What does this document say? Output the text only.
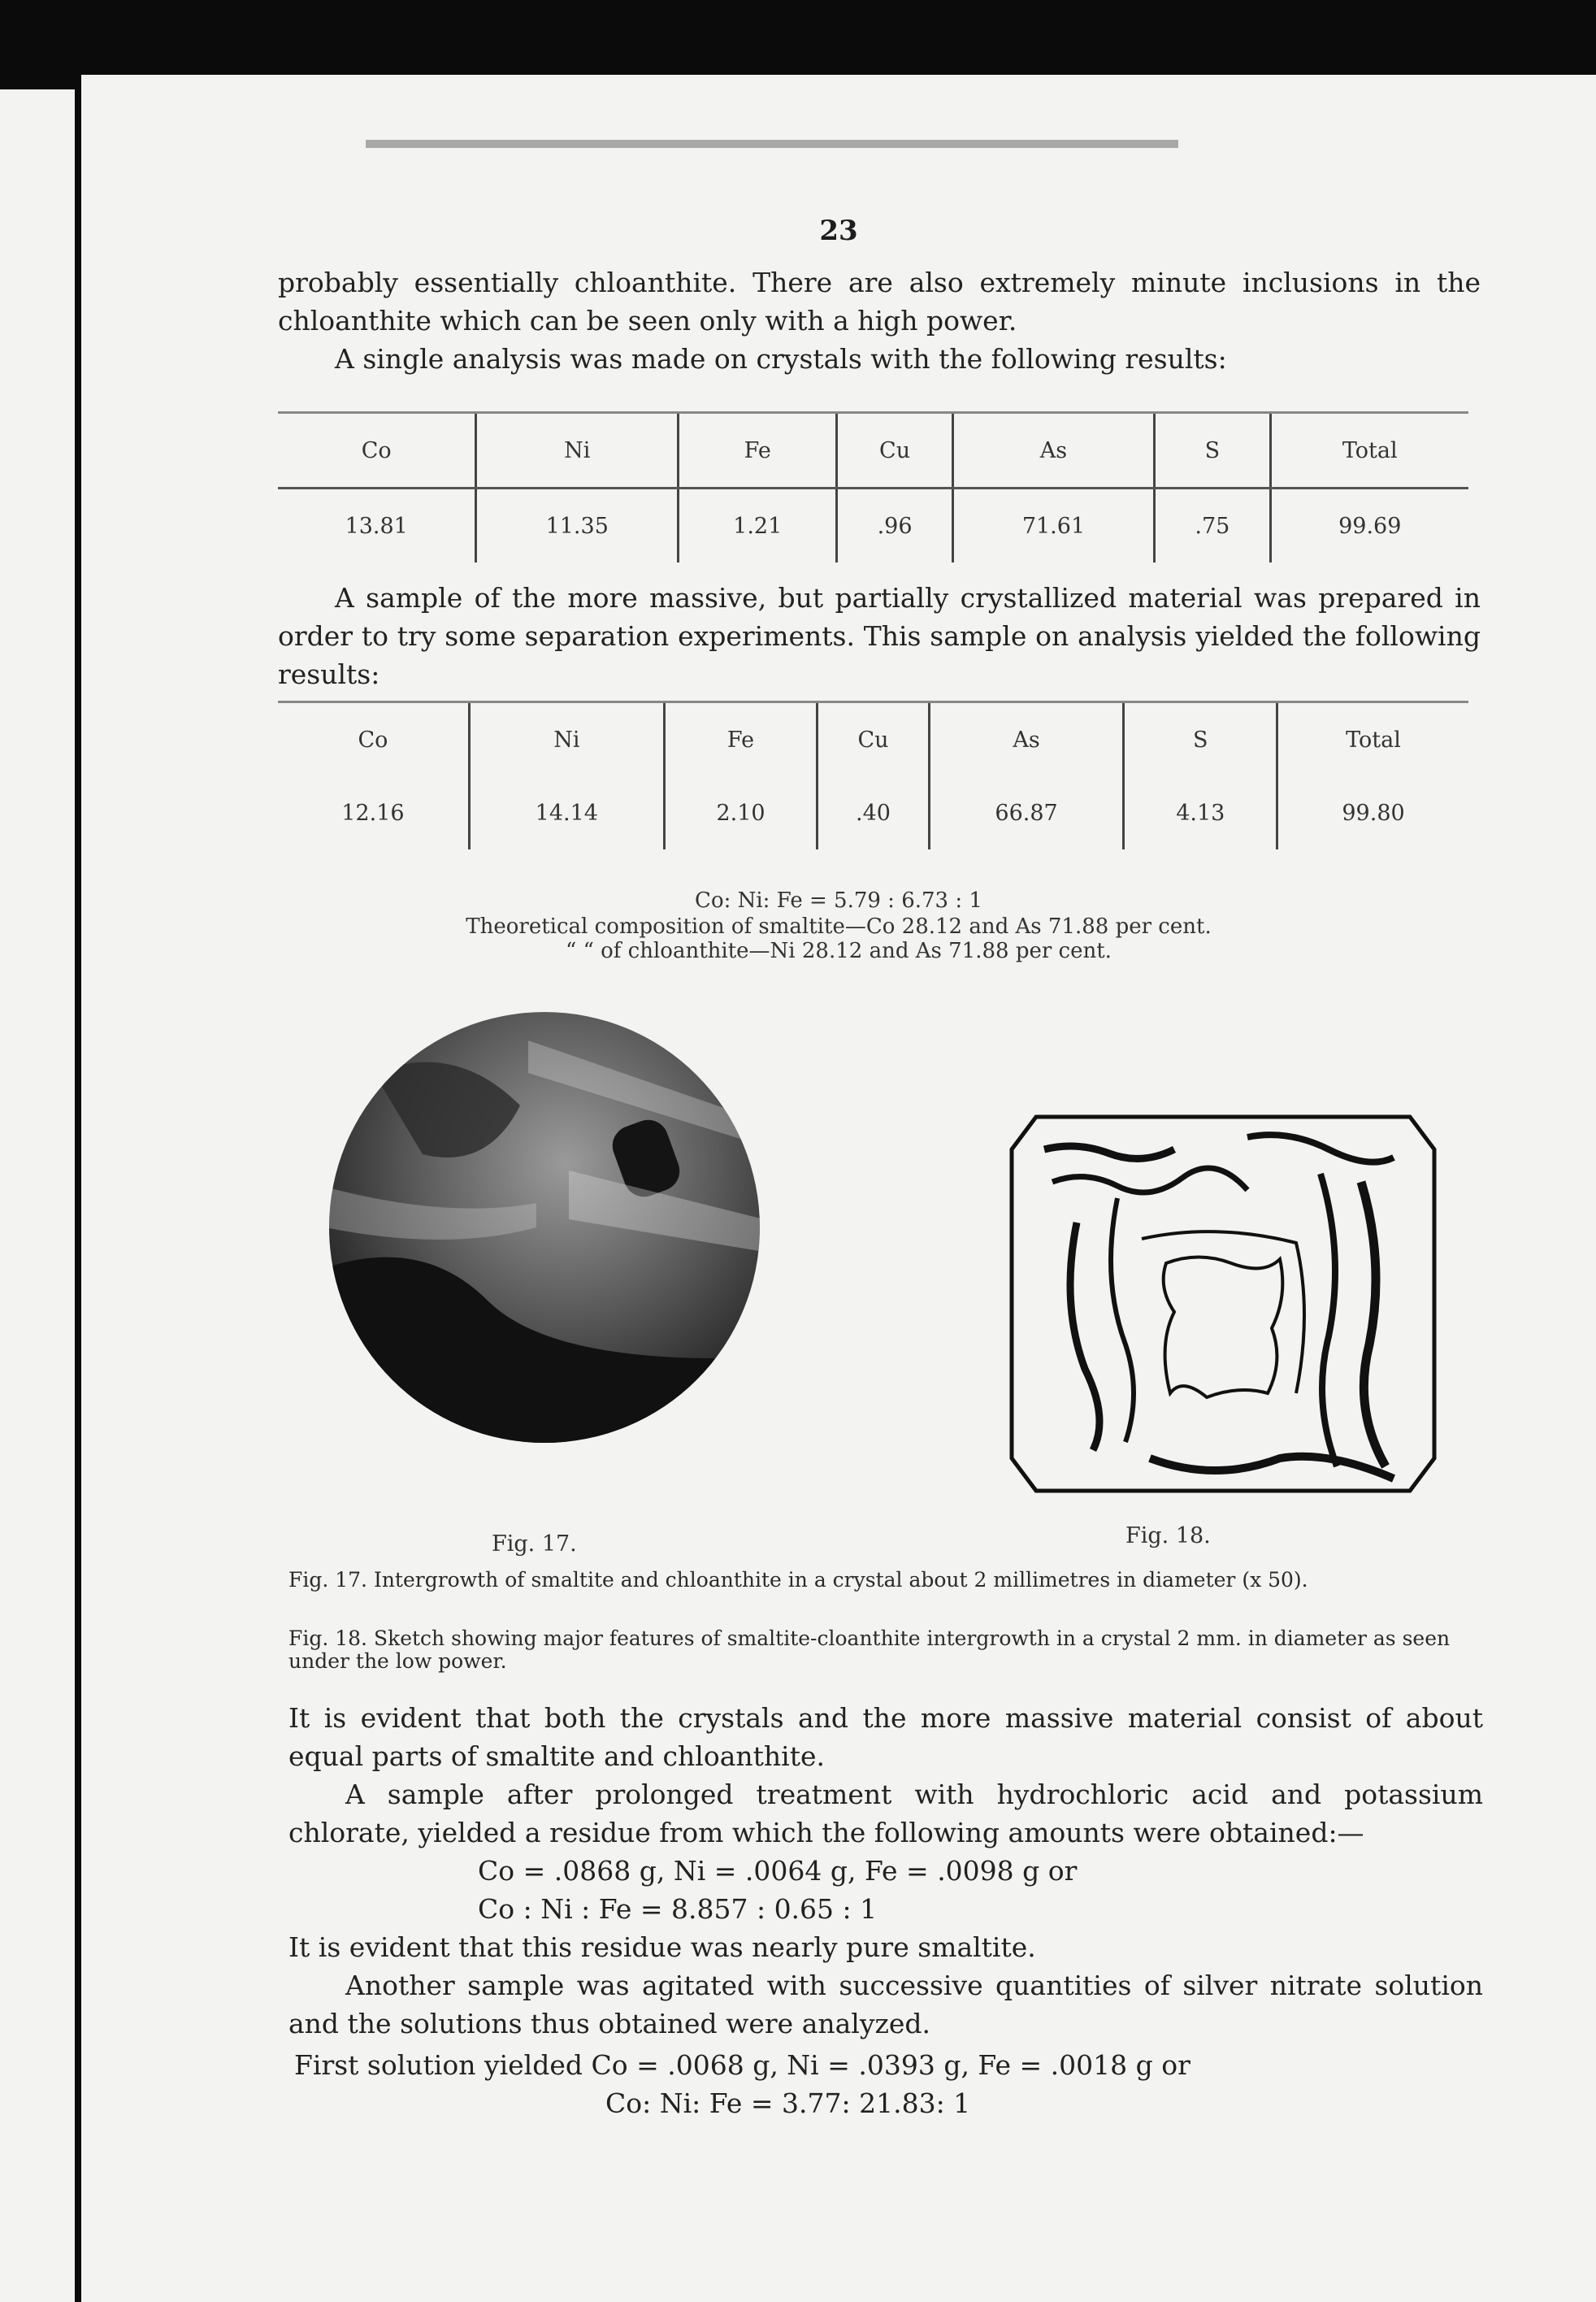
23

probably essentially chloanthite. There are also extremely minute inclusions in the chloanthite which can be seen only with a high power.

A single analysis was made on crystals with the following results:

Co	Ni	Fe	Cu	As	S	Total
13.81	11.35	1.21	.96	71.61	.75	99.69

A sample of the more massive, but partially crystallized material was prepared in order to try some separation experiments. This sample on analysis yielded the following results:

Co	Ni	Fe	Cu	As	S	Total
12.16	14.14	2.10	.40	66.87	4.13	99.80
Co: Ni: Fe = 5.79 : 6.73 : 1
Theoretical composition of smaltite—Co 28.12 and As 71.88 per cent.
“ “ of chloanthite—Ni 28.12 and As 71.88 per cent.
Fig. 17.	Fig. 18.
Fig. 17. Intergrowth of smaltite and chloanthite in a crystal about 2 millimetres in diameter (x 50).
Fig. 18. Sketch showing major features of smaltite-cloanthite intergrowth in a crystal 2 mm. in diameter as seen under the low power.

It is evident that both the crystals and the more massive material consist of about equal parts of smaltite and chloanthite.

A sample after prolonged treatment with hydrochloric acid and potassium chlorate, yielded a residue from which the following amounts were obtained:—

Co = .0868 g, Ni = .0064 g, Fe = .0098 g or
Co : Ni : Fe = 8.857 : 0.65 : 1

It is evident that this residue was nearly pure smaltite.

Another sample was agitated with successive quantities of silver nitrate solution and the solutions thus obtained were analyzed.

First solution yielded Co = .0068 g, Ni = .0393 g, Fe = .0018 g or
Co: Ni: Fe = 3.77: 21.83: 1
